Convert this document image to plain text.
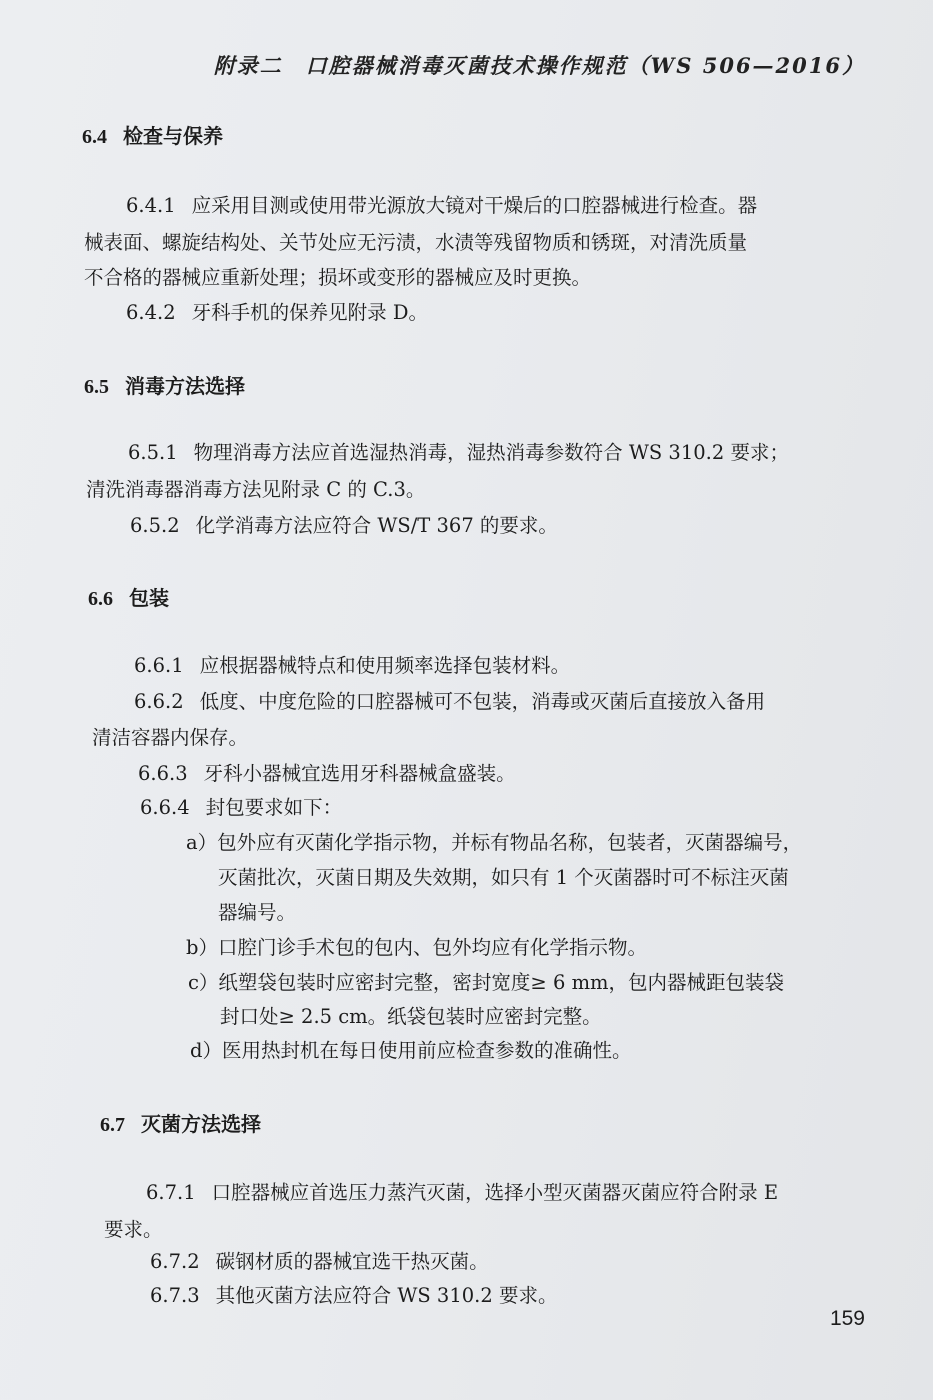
附录二　口腔器械消毒灭菌技术操作规范（WS 506—2016）
6.4 检查与保养
6.4.1 应采用目测或使用带光源放大镜对干燥后的口腔器械进行检查。器
械表面、螺旋结构处、关节处应无污渍，水渍等残留物质和锈斑，对清洗质量
不合格的器械应重新处理；损坏或变形的器械应及时更换。
6.4.2 牙科手机的保养见附录 D。
6.5 消毒方法选择
6.5.1 物理消毒方法应首选湿热消毒，湿热消毒参数符合 WS 310.2 要求；
清洗消毒器消毒方法见附录 C 的 C.3。
6.5.2 化学消毒方法应符合 WS/T 367 的要求。
6.6 包装
6.6.1 应根据器械特点和使用频率选择包装材料。
6.6.2 低度、中度危险的口腔器械可不包装，消毒或灭菌后直接放入备用
清洁容器内保存。
6.6.3 牙科小器械宜选用牙科器械盒盛装。
6.6.4 封包要求如下：
a）包外应有灭菌化学指示物，并标有物品名称，包装者，灭菌器编号，
灭菌批次，灭菌日期及失效期，如只有 1 个灭菌器时可不标注灭菌
器编号。
b）口腔门诊手术包的包内、包外均应有化学指示物。
c）纸塑袋包装时应密封完整，密封宽度≥ 6 mm，包内器械距包装袋
封口处≥ 2.5 cm。纸袋包装时应密封完整。
d）医用热封机在每日使用前应检查参数的准确性。
6.7 灭菌方法选择
6.7.1 口腔器械应首选压力蒸汽灭菌，选择小型灭菌器灭菌应符合附录 E
要求。
6.7.2 碳钢材质的器械宜选干热灭菌。
6.7.3 其他灭菌方法应符合 WS 310.2 要求。
159
